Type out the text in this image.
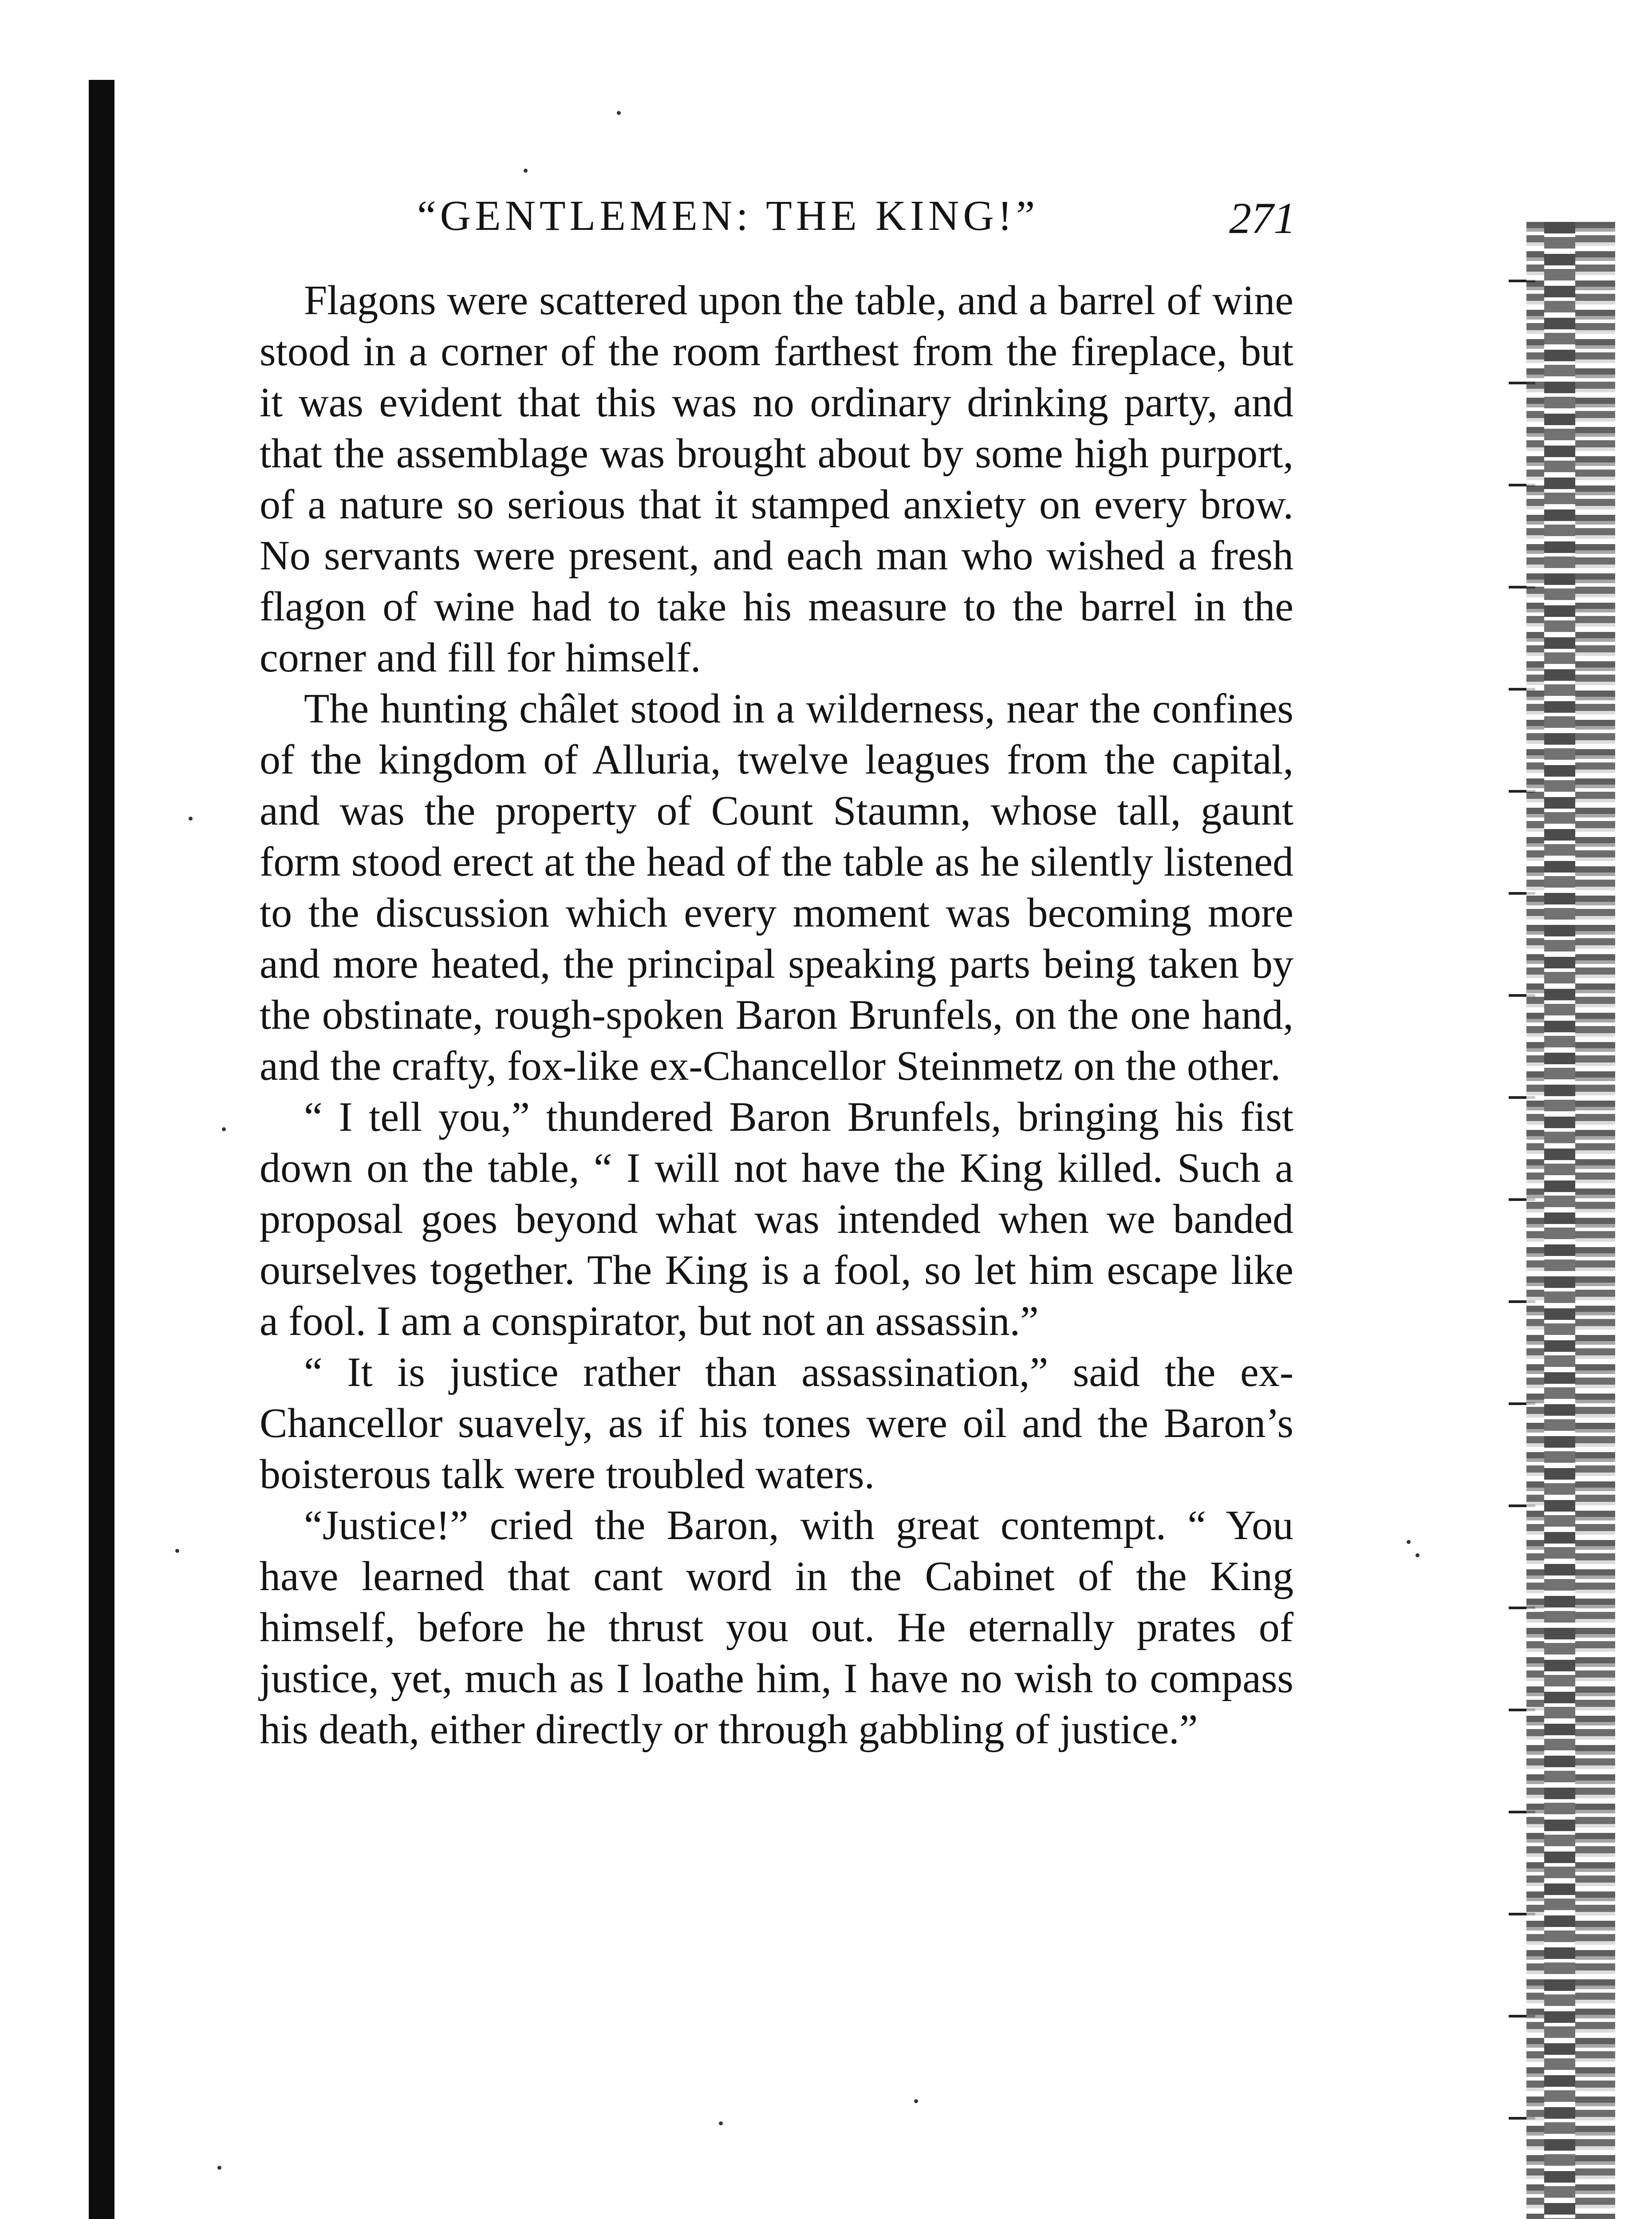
“GENTLEMEN: THE KING!”	271

Flagons were scattered upon the table, and a barrel of wine stood in a corner of the room farthest from the fireplace, but it was evident that this was no ordinary drinking party, and that the assemblage was brought about by some high purport, of a nature so serious that it stamped anxiety on every brow. No servants were present, and each man who wished a fresh flagon of wine had to take his measure to the barrel in the corner and fill for himself.

The hunting châlet stood in a wilderness, near the confines of the kingdom of Alluria, twelve leagues from the capital, and was the property of Count Staumn, whose tall, gaunt form stood erect at the head of the table as he silently listened to the discussion which every moment was becoming more and more heated, the principal speaking parts being taken by the obstinate, rough-spoken Baron Brunfels, on the one hand, and the crafty, fox-like ex-Chancellor Steinmetz on the other.

“ I tell you,” thundered Baron Brunfels, bringing his fist down on the table, “ I will not have the King killed. Such a proposal goes beyond what was intended when we banded ourselves together. The King is a fool, so let him escape like a fool. I am a conspirator, but not an assassin.”

“ It is justice rather than assassination,” said the ex-Chancellor suavely, as if his tones were oil and the Baron’s boisterous talk were troubled waters.

“Justice!” cried the Baron, with great contempt. “ You have learned that cant word in the Cabinet of the King himself, before he thrust you out. He eternally prates of justice, yet, much as I loathe him, I have no wish to compass his death, either directly or through gabbling of justice.”
